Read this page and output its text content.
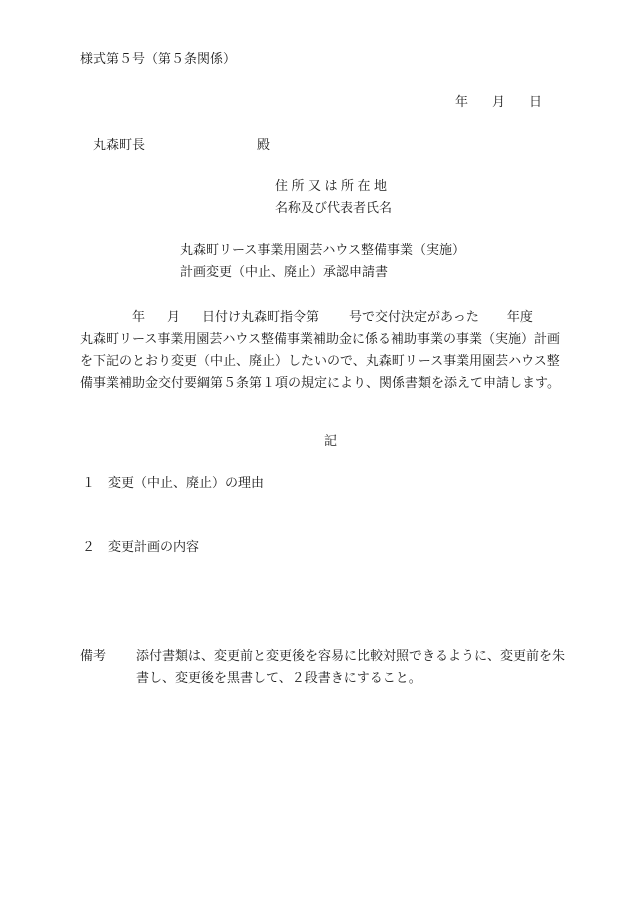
様式第５号（第５条関係）
年 月 日
丸森町長	殿
住所又は所在地
名称及び代表者氏名
丸森町リース事業用園芸ハウス整備事業（実施）
計画変更（中止、廃止）承認申請書
年 月 日付け丸森町指令第 号で交付決定があった 年度
丸森町リース事業用園芸ハウス整備事業補助金に係る補助事業の事業（実施）計画
を下記のとおり変更（中止、廃止）したいので、丸森町リース事業用園芸ハウス整
備事業補助金交付要綱第５条第１項の規定により、関係書類を添えて申請します。
記
１ 変更（中止、廃止）の理由
２ 変更計画の内容
備考 添付書類は、変更前と変更後を容易に比較対照できるように、変更前を朱
書し、変更後を黒書して、２段書きにすること。
